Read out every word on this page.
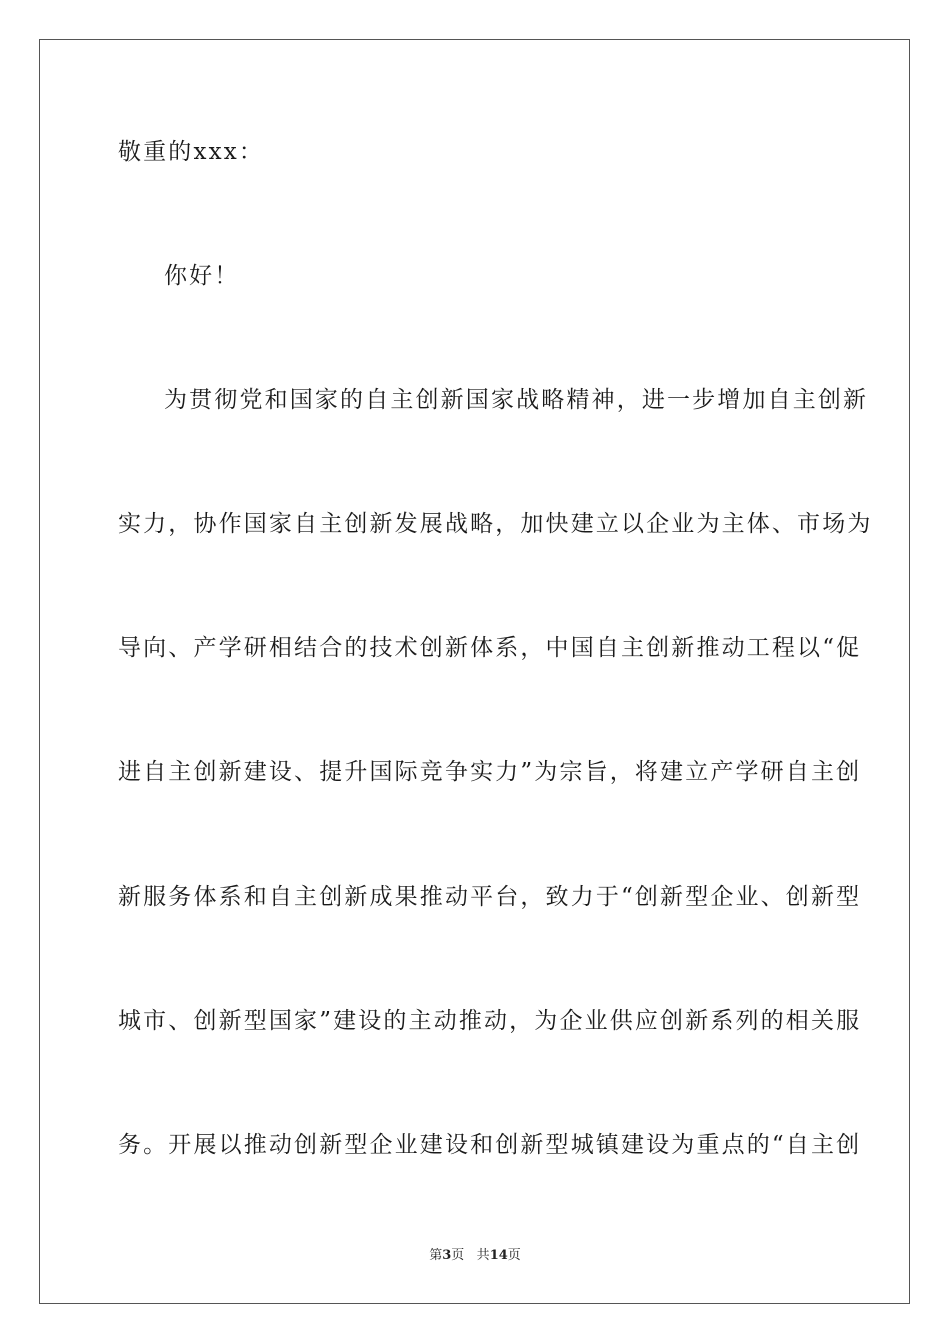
敬重的xxx：

你好！

为贯彻党和国家的自主创新国家战略精神，进一步增加自主创新

实力，协作国家自主创新发展战略，加快建立以企业为主体、市场为

导向、产学研相结合的技术创新体系，中国自主创新推动工程以“促

进自主创新建设、提升国际竞争实力”为宗旨，将建立产学研自主创

新服务体系和自主创新成果推动平台，致力于“创新型企业、创新型

城市、创新型国家”建设的主动推动，为企业供应创新系列的相关服

务。开展以推动创新型企业建设和创新型城镇建设为重点的“自主创

第3页 共14页
